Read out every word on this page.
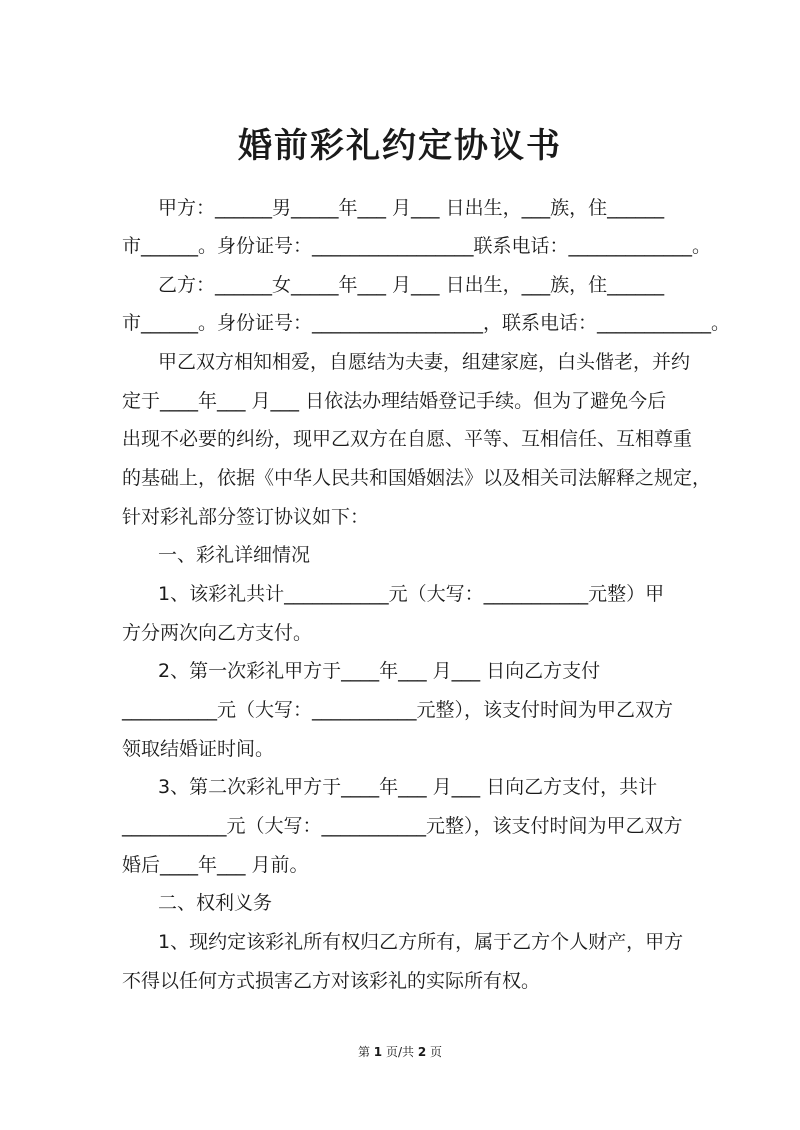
婚前彩礼约定协议书

甲方：______男_____年___ 月___ 日出生，___族，住______

市______。身份证号：_________________联系电话：_____________。

乙方：______女_____年___ 月___ 日出生，___族，住______

市______。身份证号：__________________，联系电话：____________。

甲乙双方相知相爱，自愿结为夫妻，组建家庭，白头偕老，并约

定于____年___ 月___ 日依法办理结婚登记手续。但为了避免今后

出现不必要的纠纷，现甲乙双方在自愿、平等、互相信任、互相尊重

的基础上，依据《中华人民共和国婚姻法》以及相关司法解释之规定，

针对彩礼部分签订协议如下：

一、彩礼详细情况

1、该彩礼共计___________元（大写：___________元整）甲

方分两次向乙方支付。

2、第一次彩礼甲方于____年___ 月___ 日向乙方支付

__________元（大写：___________元整），该支付时间为甲乙双方

领取结婚证时间。

3、第二次彩礼甲方于____年___ 月___ 日向乙方支付，共计

___________元（大写：___________元整），该支付时间为甲乙双方

婚后____年___ 月前。

二、权利义务

1、现约定该彩礼所有权归乙方所有，属于乙方个人财产，甲方

不得以任何方式损害乙方对该彩礼的实际所有权。

第 1 页/共 2 页
